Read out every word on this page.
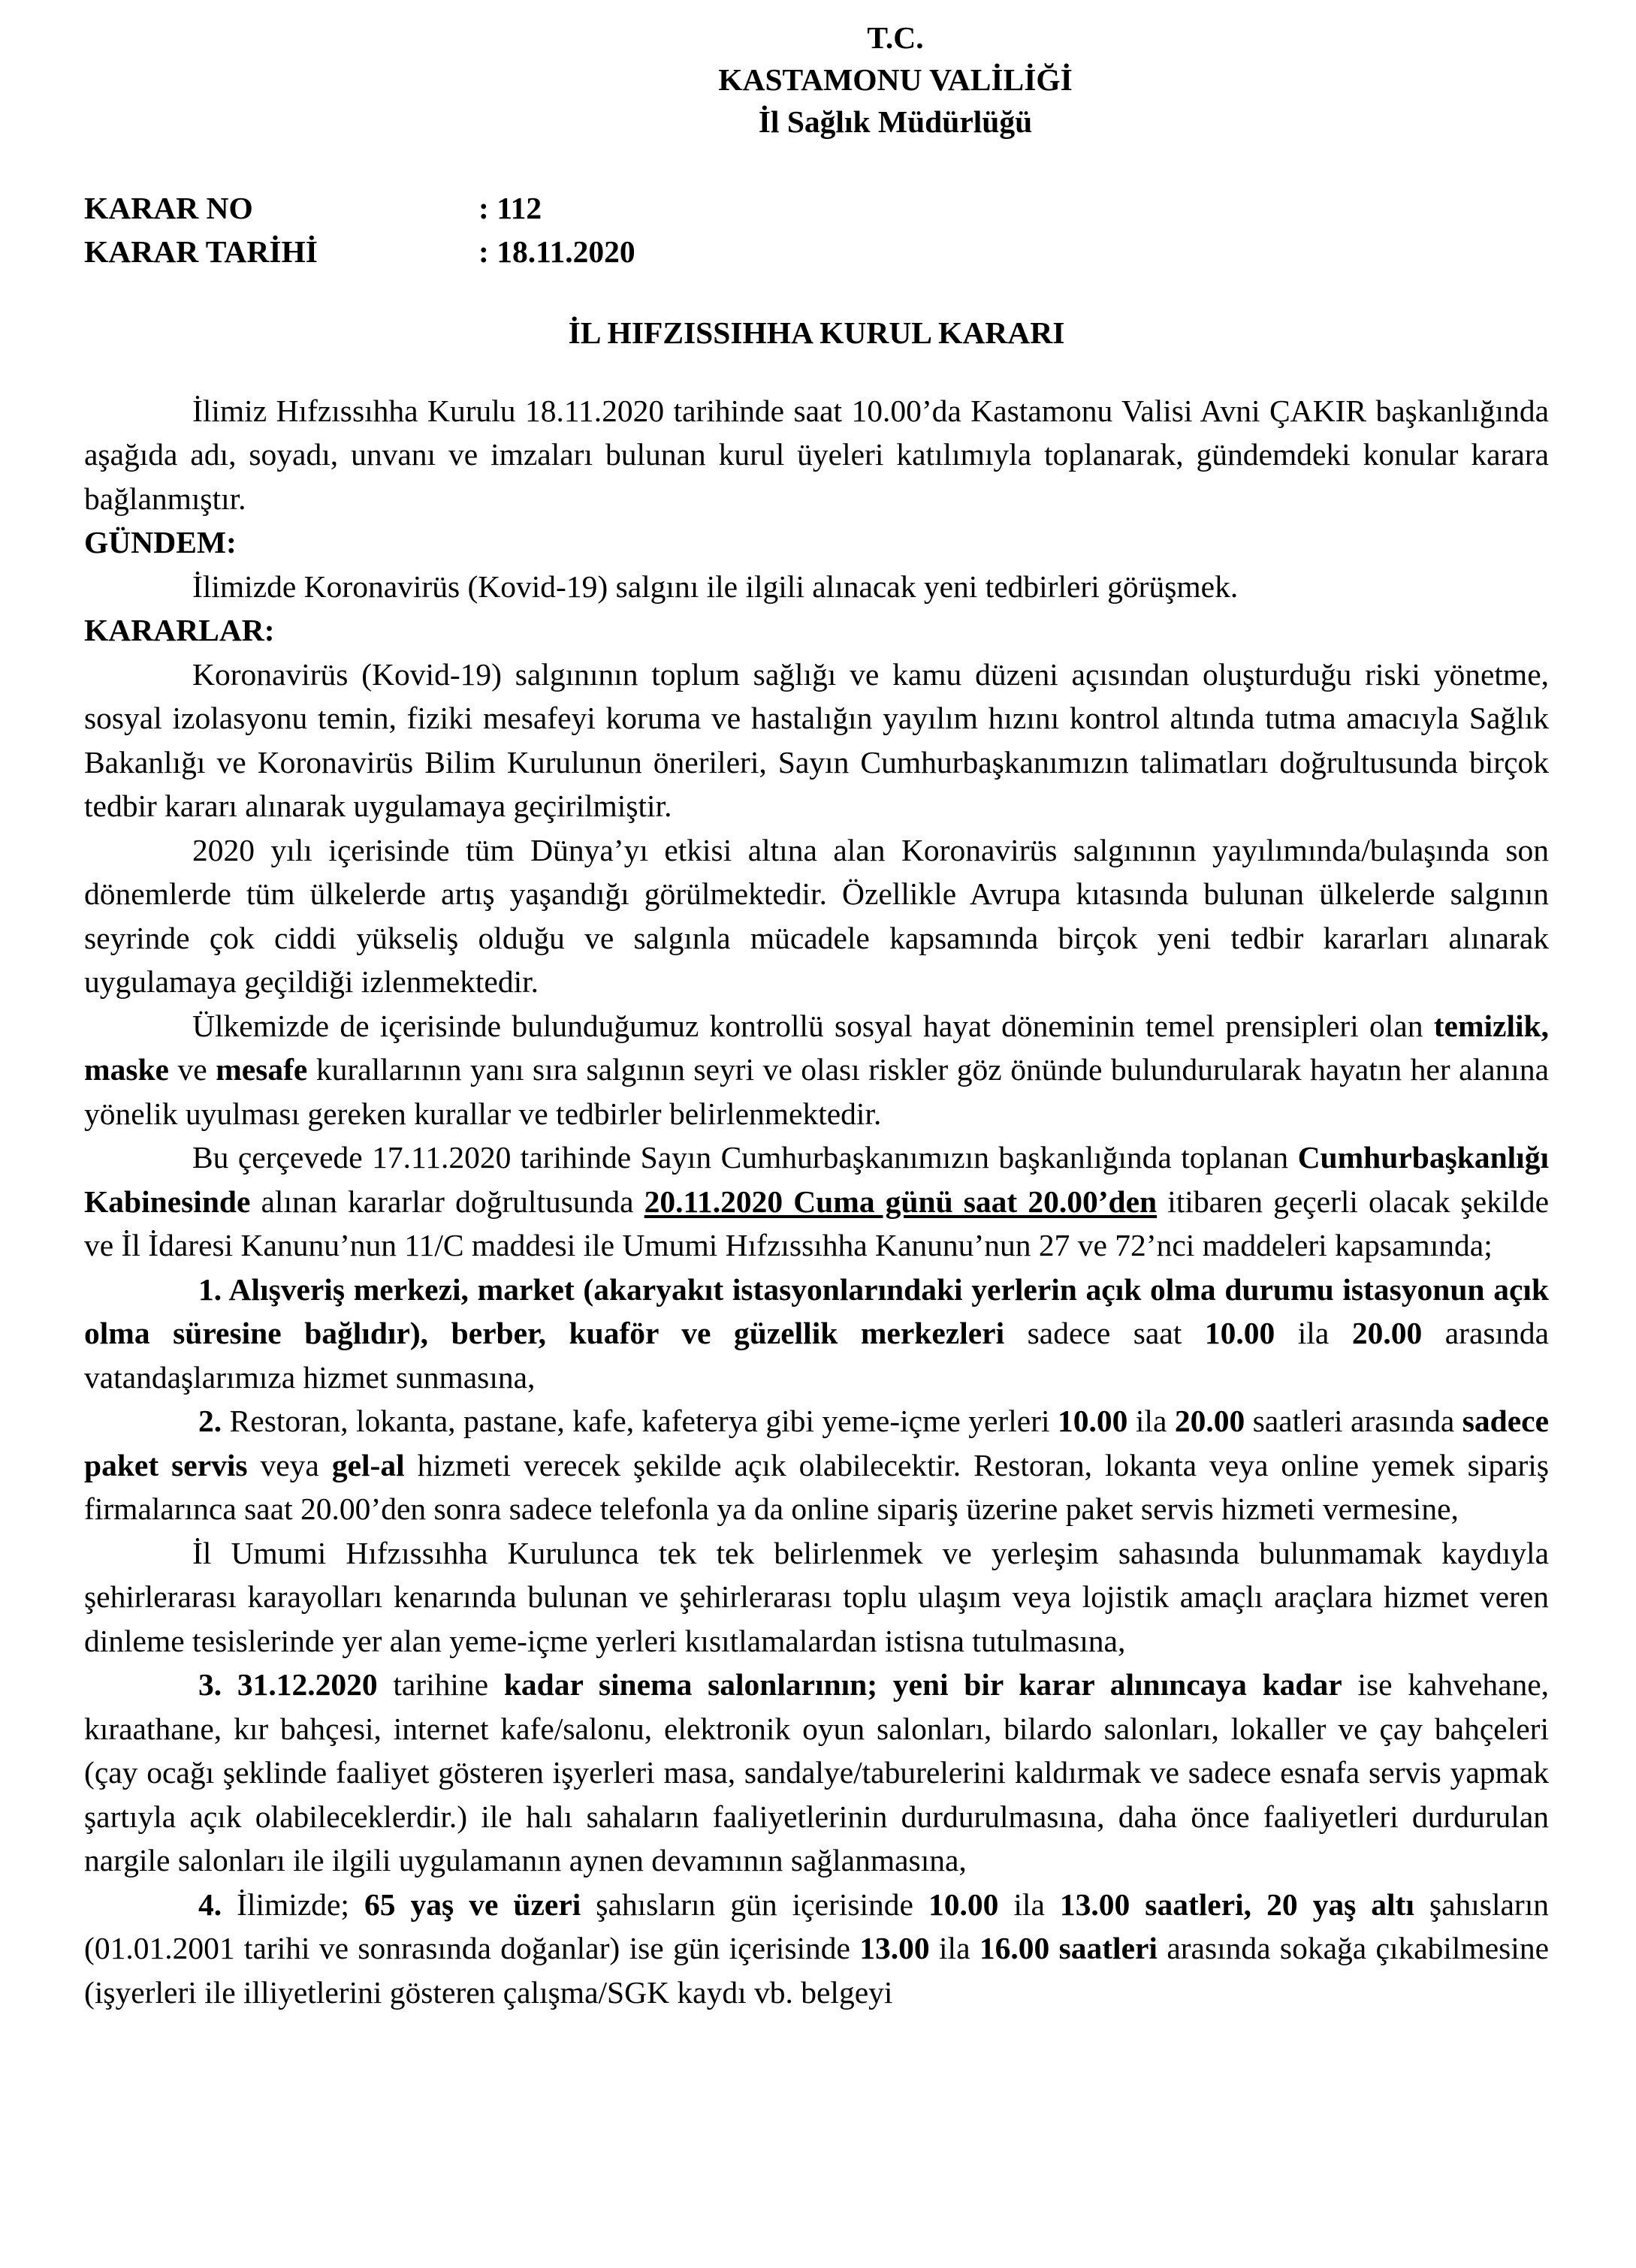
T.C.
KASTAMONU VALİLİĞİ
İl Sağlık Müdürlüğü
KARAR NO	: 112
KARAR TARİHİ	: 18.11.2020
İL HIFZISSIHHA KURUL KARARI

İlimiz Hıfzıssıhha Kurulu 18.11.2020 tarihinde saat 10.00’da Kastamonu Valisi Avni ÇAKIR başkanlığında aşağıda adı, soyadı, unvanı ve imzaları bulunan kurul üyeleri katılımıyla toplanarak, gündemdeki konular karara bağlanmıştır.

GÜNDEM:

İlimizde Koronavirüs (Kovid-19) salgını ile ilgili alınacak yeni tedbirleri görüşmek.

KARARLAR:

Koronavirüs (Kovid-19) salgınının toplum sağlığı ve kamu düzeni açısından oluşturduğu riski yönetme, sosyal izolasyonu temin, fiziki mesafeyi koruma ve hastalığın yayılım hızını kontrol altında tutma amacıyla Sağlık Bakanlığı ve Koronavirüs Bilim Kurulunun önerileri, Sayın Cumhurbaşkanımızın talimatları doğrultusunda birçok tedbir kararı alınarak uygulamaya geçirilmiştir.

2020 yılı içerisinde tüm Dünya’yı etkisi altına alan Koronavirüs salgınının yayılımında/bulaşında son dönemlerde tüm ülkelerde artış yaşandığı görülmektedir. Özellikle Avrupa kıtasında bulunan ülkelerde salgının seyrinde çok ciddi yükseliş olduğu ve salgınla mücadele kapsamında birçok yeni tedbir kararları alınarak uygulamaya geçildiği izlenmektedir.

Ülkemizde de içerisinde bulunduğumuz kontrollü sosyal hayat döneminin temel prensipleri olan temizlik, maske ve mesafe kurallarının yanı sıra salgının seyri ve olası riskler göz önünde bulundurularak hayatın her alanına yönelik uyulması gereken kurallar ve tedbirler belirlenmektedir.

Bu çerçevede 17.11.2020 tarihinde Sayın Cumhurbaşkanımızın başkanlığında toplanan Cumhurbaşkanlığı Kabinesinde alınan kararlar doğrultusunda 20.11.2020 Cuma günü saat 20.00’den itibaren geçerli olacak şekilde ve İl İdaresi Kanunu’nun 11/C maddesi ile Umumi Hıfzıssıhha Kanunu’nun 27 ve 72’nci maddeleri kapsamında;

1. Alışveriş merkezi, market (akaryakıt istasyonlarındaki yerlerin açık olma durumu istasyonun açık olma süresine bağlıdır), berber, kuaför ve güzellik merkezleri sadece saat 10.00 ila 20.00 arasında vatandaşlarımıza hizmet sunmasına,

2. Restoran, lokanta, pastane, kafe, kafeterya gibi yeme-içme yerleri 10.00 ila 20.00 saatleri arasında sadece paket servis veya gel-al hizmeti verecek şekilde açık olabilecektir. Restoran, lokanta veya online yemek sipariş firmalarınca saat 20.00’den sonra sadece telefonla ya da online sipariş üzerine paket servis hizmeti vermesine,

İl Umumi Hıfzıssıhha Kurulunca tek tek belirlenmek ve yerleşim sahasında bulunmamak kaydıyla şehirlerarası karayolları kenarında bulunan ve şehirlerarası toplu ulaşım veya lojistik amaçlı araçlara hizmet veren dinleme tesislerinde yer alan yeme-içme yerleri kısıtlamalardan istisna tutulmasına,

3. 31.12.2020 tarihine kadar sinema salonlarının; yeni bir karar alınıncaya kadar ise kahvehane, kıraathane, kır bahçesi, internet kafe/salonu, elektronik oyun salonları, bilardo salonları, lokaller ve çay bahçeleri (çay ocağı şeklinde faaliyet gösteren işyerleri masa, sandalye/taburelerini kaldırmak ve sadece esnafa servis yapmak şartıyla açık olabileceklerdir.) ile halı sahaların faaliyetlerinin durdurulmasına, daha önce faaliyetleri durdurulan nargile salonları ile ilgili uygulamanın aynen devamının sağlanmasına,

4. İlimizde; 65 yaş ve üzeri şahısların gün içerisinde 10.00 ila 13.00 saatleri, 20 yaş altı şahısların (01.01.2001 tarihi ve sonrasında doğanlar) ise gün içerisinde 13.00 ila 16.00 saatleri arasında sokağa çıkabilmesine (işyerleri ile illiyetlerini gösteren çalışma/SGK kaydı vb. belgeyi
